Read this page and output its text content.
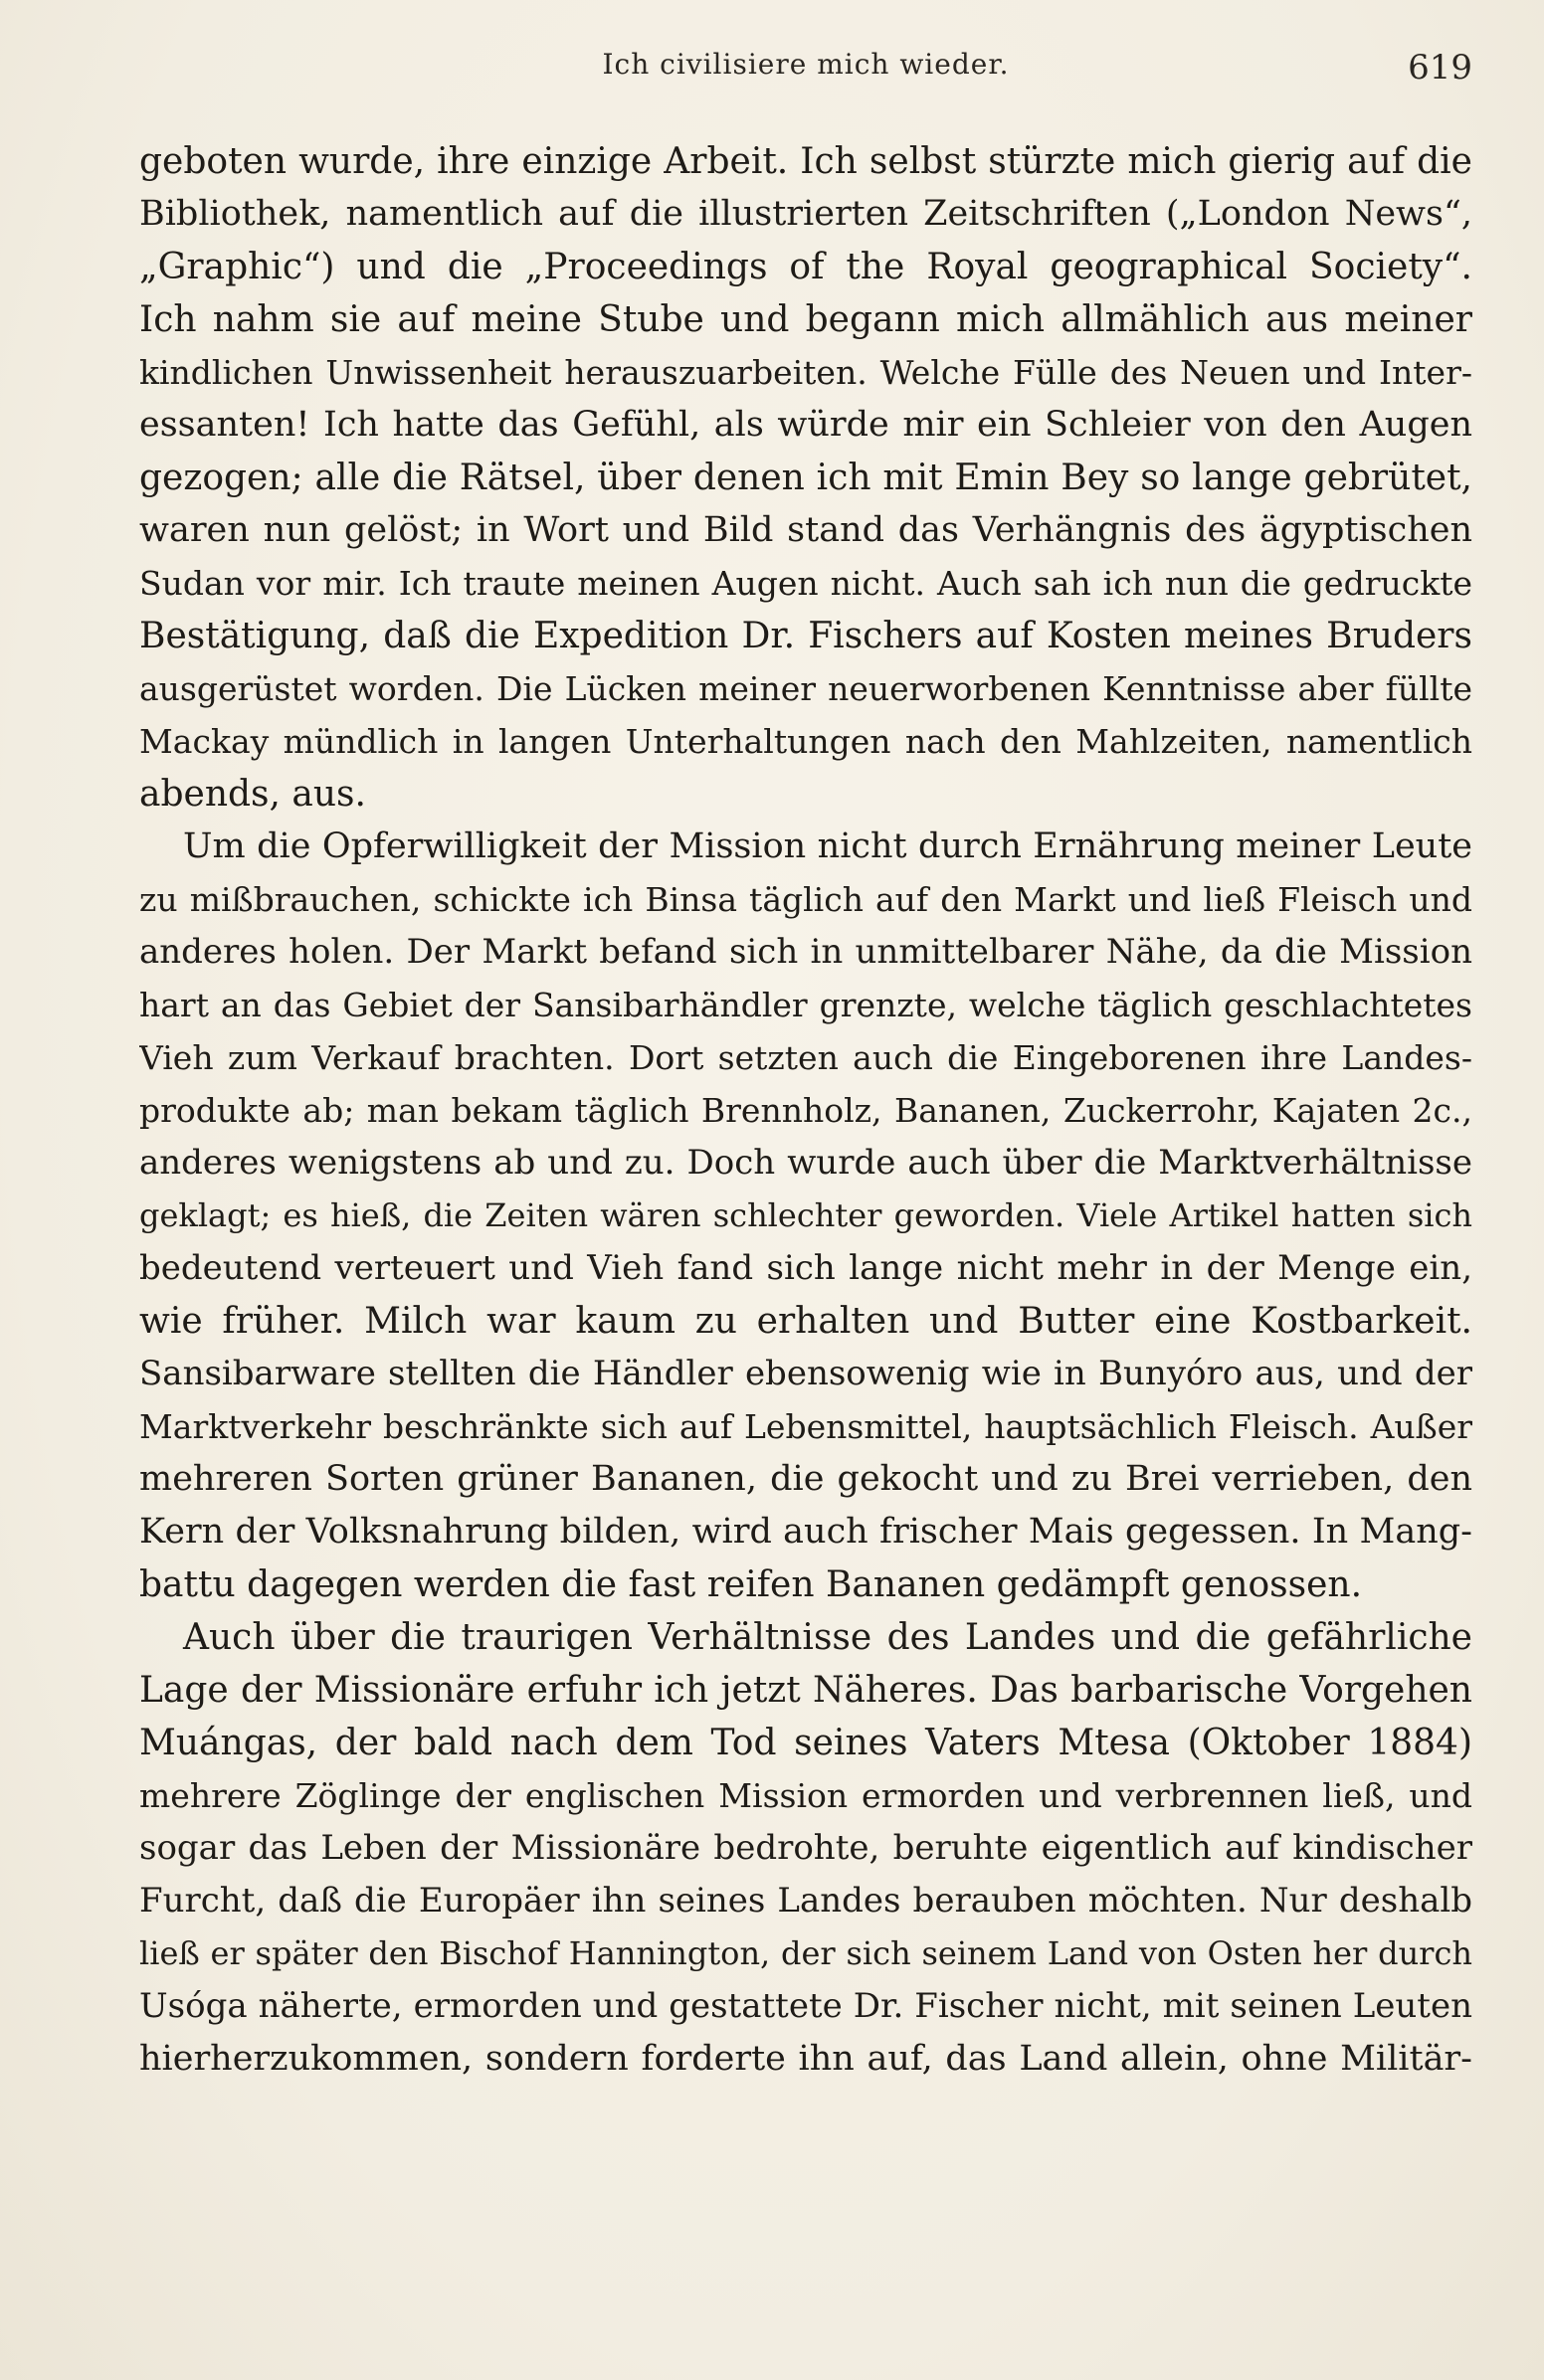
Ich civilisiere mich wieder.	619
geboten wurde, ihre einzige Arbeit. Ich selbst stürzte mich gierig auf die
Bibliothek, namentlich auf die illustrierten Zeitschriften („London News“,
„Graphic“) und die „Proceedings of the Royal geographical Society“.
Ich nahm sie auf meine Stube und begann mich allmählich aus meiner
kindlichen Unwissenheit herauszuarbeiten. Welche Fülle des Neuen und Inter-
essanten! Ich hatte das Gefühl, als würde mir ein Schleier von den Augen
gezogen; alle die Rätsel, über denen ich mit Emin Bey so lange gebrütet,
waren nun gelöst; in Wort und Bild stand das Verhängnis des ägyptischen
Sudan vor mir. Ich traute meinen Augen nicht. Auch sah ich nun die gedruckte
Bestätigung, daß die Expedition Dr. Fischers auf Kosten meines Bruders
ausgerüstet worden. Die Lücken meiner neuerworbenen Kenntnisse aber füllte
Mackay mündlich in langen Unterhaltungen nach den Mahlzeiten, namentlich
abends, aus.
Um die Opferwilligkeit der Mission nicht durch Ernährung meiner Leute
zu mißbrauchen, schickte ich Binsa täglich auf den Markt und ließ Fleisch und
anderes holen. Der Markt befand sich in unmittelbarer Nähe, da die Mission
hart an das Gebiet der Sansibarhändler grenzte, welche täglich geschlachtetes
Vieh zum Verkauf brachten. Dort setzten auch die Eingeborenen ihre Landes-
produkte ab; man bekam täglich Brennholz, Bananen, Zuckerrohr, Kajaten 2c.,
anderes wenigstens ab und zu. Doch wurde auch über die Marktverhältnisse
geklagt; es hieß, die Zeiten wären schlechter geworden. Viele Artikel hatten sich
bedeutend verteuert und Vieh fand sich lange nicht mehr in der Menge ein,
wie früher. Milch war kaum zu erhalten und Butter eine Kostbarkeit.
Sansibarware stellten die Händler ebensowenig wie in Bunyóro aus, und der
Marktverkehr beschränkte sich auf Lebensmittel, hauptsächlich Fleisch. Außer
mehreren Sorten grüner Bananen, die gekocht und zu Brei verrieben, den
Kern der Volksnahrung bilden, wird auch frischer Mais gegessen. In Mang-
battu dagegen werden die fast reifen Bananen gedämpft genossen.
Auch über die traurigen Verhältnisse des Landes und die gefährliche
Lage der Missionäre erfuhr ich jetzt Näheres. Das barbarische Vorgehen
Muángas, der bald nach dem Tod seines Vaters Mtesa (Oktober 1884)
mehrere Zöglinge der englischen Mission ermorden und verbrennen ließ, und
sogar das Leben der Missionäre bedrohte, beruhte eigentlich auf kindischer
Furcht, daß die Europäer ihn seines Landes berauben möchten. Nur deshalb
ließ er später den Bischof Hannington, der sich seinem Land von Osten her durch
Usóga näherte, ermorden und gestattete Dr. Fischer nicht, mit seinen Leuten
hierherzukommen, sondern forderte ihn auf, das Land allein, ohne Militär-
